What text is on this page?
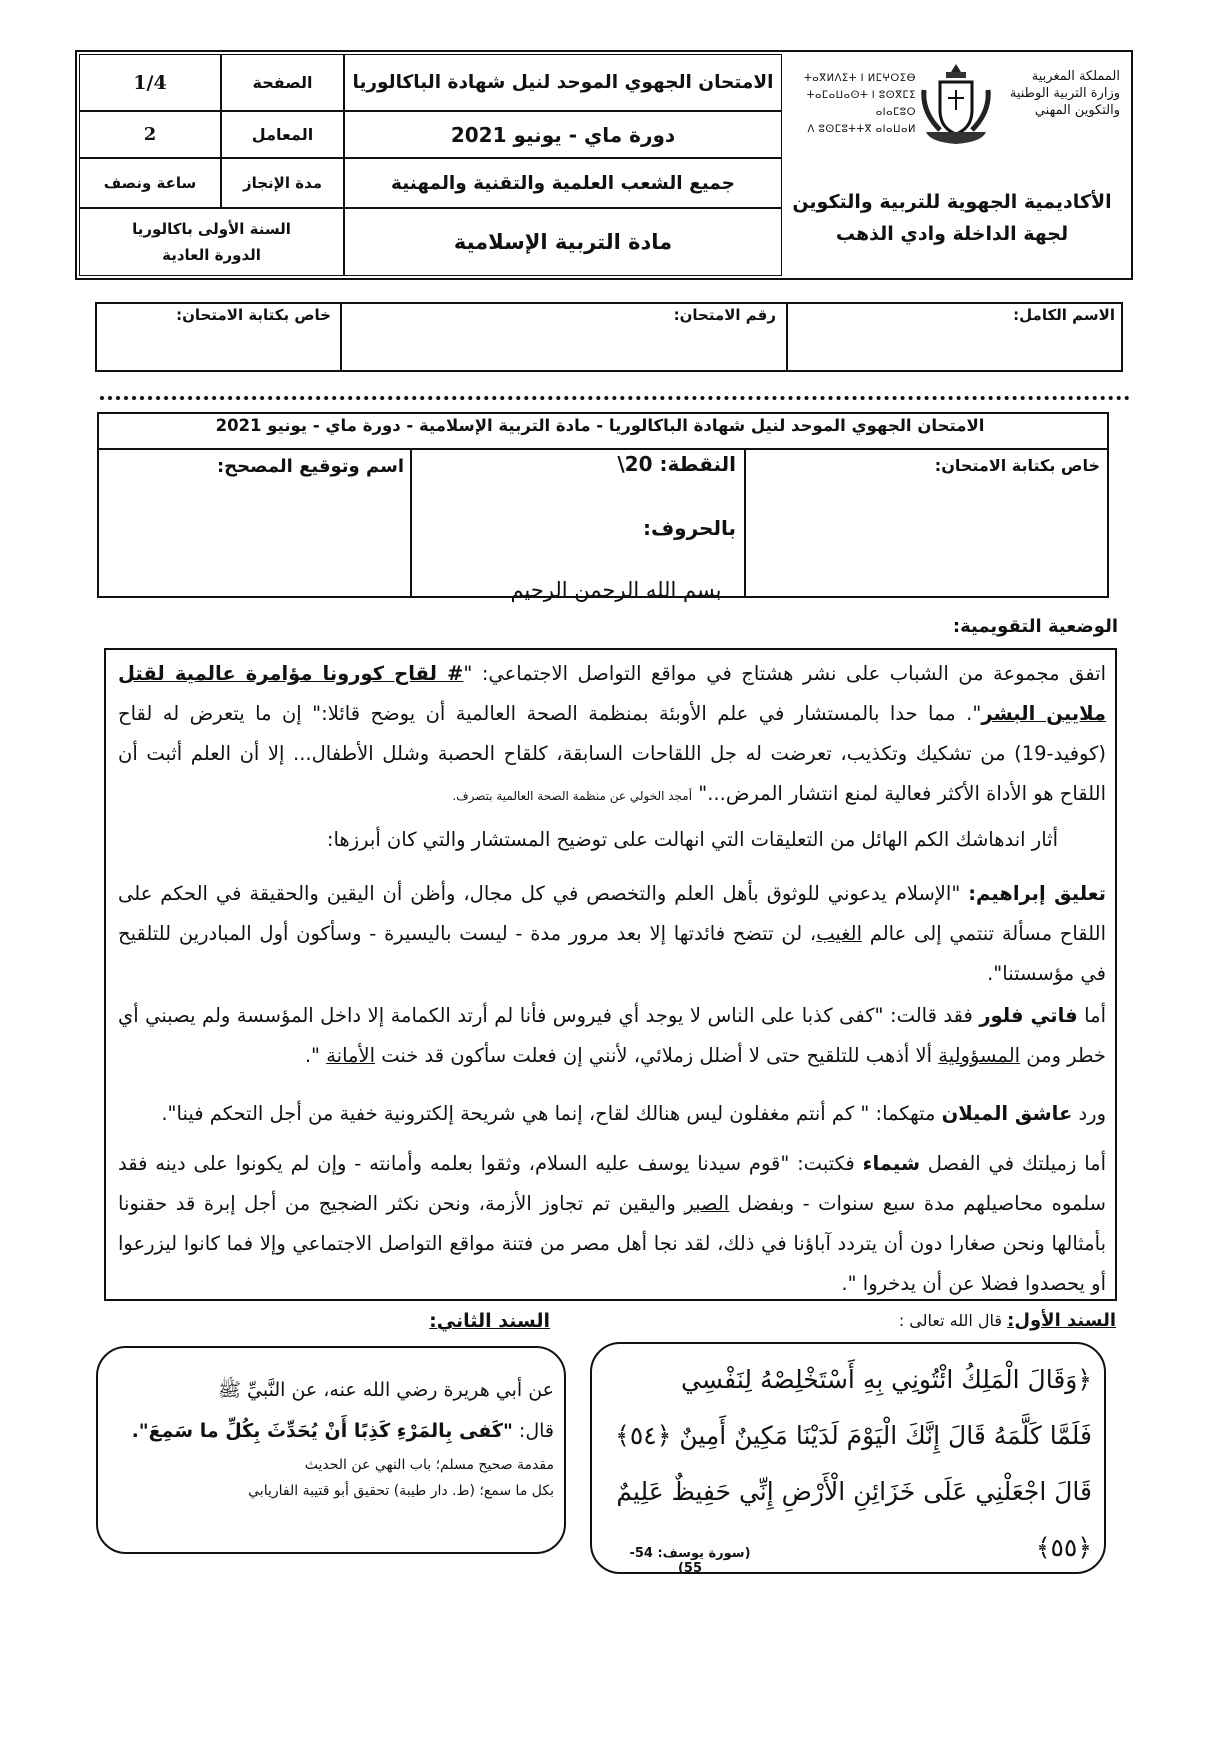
المملكة المغربية
وزارة التربية الوطنية
والتكوين المهني
ⵜⴰⴳⵍⴷⵉⵜ ⵏ ⵍⵎⵖⵔⵉⴱ
ⵜⴰⵎⴰⵡⴰⵙⵜ ⵏ ⵓⵙⴳⵎⵉ ⴰⵏⴰⵎⵓⵔ
ⴷ ⵓⵙⵎⵓⵜⵜⴳ ⴰⵏⴰⵡⴰⵍ
الأكاديمية الجهوية للتربية والتكوين
لجهة الداخلة وادي الذهب
الامتحان الجهوي الموحد لنيل شهادة الباكالوريا
دورة ماي - يونيو 2021
جميع الشعب العلمية والتقنية والمهنية
مادة التربية الإسلامية
الصفحة
1/4
المعامل
2
مدة الإنجاز
ساعة ونصف
السنة الأولى باكالوريا
الدورة العادية
الاسم الكامل:
رقم الامتحان:
خاص بكتابة الامتحان:
الامتحان الجهوي الموحد لنيل شهادة الباكالوريا - مادة التربية الإسلامية - دورة ماي - يونيو 2021
خاص بكتابة الامتحان:
النقطة: 20\
بالحروف:
اسم وتوقيع المصحح:
بسم الله الرحمن الرحيم
الوضعية التقويمية:
اتفق مجموعة من الشباب على نشر هشتاج في مواقع التواصل الاجتماعي: "# لقاح كورونا مؤامرة عالمية لقتل ملايين البشر". مما حدا بالمستشار في علم الأوبئة بمنظمة الصحة العالمية أن يوضح قائلا:" إن ما يتعرض له لقاح (كوفيد-19) من تشكيك وتكذيب، تعرضت له جل اللقاحات السابقة، كلقاح الحصبة وشلل الأطفال... إلا أن العلم أثبت أن اللقاح هو الأداة الأكثر فعالية لمنع انتشار المرض..." أمجد الخولي عن منظمة الصحة العالمية بتصرف.
أثار اندهاشك الكم الهائل من التعليقات التي انهالت على توضيح المستشار والتي كان أبرزها:
تعليق إبراهيم: "الإسلام يدعوني للوثوق بأهل العلم والتخصص في كل مجال، وأظن أن اليقين والحقيقة في الحكم على اللقاح مسألة تنتمي إلى عالم الغيب، لن تتضح فائدتها إلا بعد مرور مدة - ليست باليسيرة - وسأكون أول المبادرين للتلقيح في مؤسستنا".
أما فاتي فلور فقد قالت: "كفى كذبا على الناس لا يوجد أي فيروس فأنا لم أرتد الكمامة إلا داخل المؤسسة ولم يصبني أي خطر ومن المسؤولية ألا أذهب للتلقيح حتى لا أضلل زملائي، لأنني إن فعلت سأكون قد خنت الأمانة ".
ورد عاشق الميلان متهكما: " كم أنتم مغفلون ليس هنالك لقاح، إنما هي شريحة إلكترونية خفية من أجل التحكم فينا".
أما زميلتك في الفصل شيماء فكتبت: "قوم سيدنا يوسف عليه السلام، وثقوا بعلمه وأمانته - وإن لم يكونوا على دينه فقد سلموه محاصيلهم مدة سبع سنوات - وبفضل الصبر واليقين تم تجاوز الأزمة، ونحن نكثر الضجيج من أجل إبرة قد حقنونا بأمثالها ونحن صغارا دون أن يتردد آباؤنا في ذلك، لقد نجا أهل مصر من فتنة مواقع التواصل الاجتماعي وإلا فما كانوا ليزرعوا أو يحصدوا فضلا عن أن يدخروا ".
السند الأول: قال الله تعالى :
السند الثاني:
﴿وَقَالَ الْمَلِكُ ائْتُونِي بِهِ أَسْتَخْلِصْهُ لِنَفْسِي
فَلَمَّا كَلَّمَهُ قَالَ إِنَّكَ الْيَوْمَ لَدَيْنَا مَكِينٌ أَمِينٌ ﴿٥٤﴾
قَالَ اجْعَلْنِي عَلَى خَزَائِنِ الْأَرْضِ إِنِّي حَفِيظٌ عَلِيمٌ ﴿٥٥﴾
(سورة يوسف: 54-55)
عن أبي هريرة رضي الله عنه، عن النَّبيِّ ﷺ
قال: "كَفى بِالمَرْءِ كَذِبًا أَنْ يُحَدِّثَ بِكُلِّ ما سَمِعَ".
مقدمة صحيح مسلم؛ باب النهي عن الحديث
بكل ما سمع؛ (ط. دار طيبة) تحقيق أبو قتيبة الفاريابي
